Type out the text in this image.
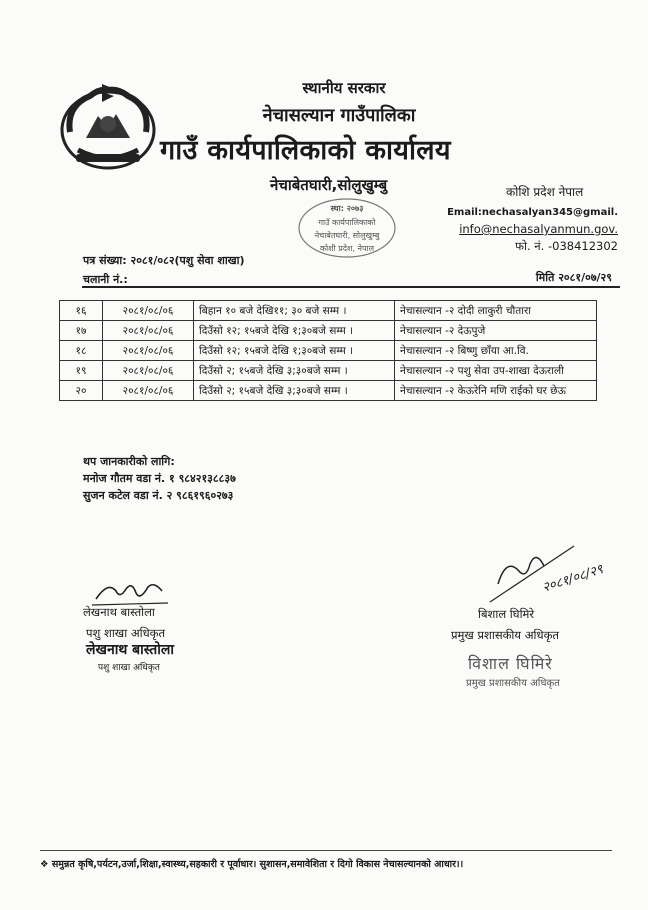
स्थानीय सरकार
नेचासल्यान गाउँपालिका
गाउँ कार्यपालिकाको कार्यालय
नेचाबेतघारी,सोलुखुम्बु
स्था: २०७३
गाउँ कार्यपालिकाको
नेचाबेतघारी, सोलुखुम्बु
कोशी प्रदेश, नेपाल
कोशि प्रदेश नेपाल
Email:nechasalyan345@gmail.
info@nechasalyanmun.gov.
फो. नं. -038412302
पत्र संख्या: २०८१/०८२(पशु सेवा शाखा)
चलानी नं.:	मिति २०८१/०७/२९
१६	२०८१/०८/०६	बिहान १० बजे देखि११; ३० बजे सम्म ।	नेचासल्यान -२ दोदी लाकुरी चौतारा
१७	२०८१/०८/०६	दिउँसो १२; १५बजे देखि १;३०बजे सम्म ।	नेचासल्यान -२ देऊपुजे
१८	२०८१/०८/०६	दिउँसो १२; १५बजे देखि १;३०बजे सम्म ।	नेचासल्यान -२ बिष्णु छाँया आ.वि.
१९	२०८१/०८/०६	दिउँसो २; १५बजे देखि ३;३०बजे सम्म ।	नेचासल्यान -२ पशु सेवा उप-शाखा देऊराली
२०	२०८१/०८/०६	दिउँसो २; १५बजे देखि ३;३०बजे सम्म ।	नेचासल्यान -२ केऊरेनि मणि राईको घर छेऊ
थप जानकारीको लागि:
मनोज गौतम वडा नं. १ ९८४२१३८८३७
सुजन कटेल वडा नं. २ ९८६१९६०२७३
लेखनाथ बास्तोला
पशु शाखा अधिकृत
लेखनाथ बास्तोला
पशु शाखा अधिकृत
२०८१/०८/२९
बिशाल घिमिरे
प्रमुख प्रशासकीय अधिकृत
विशाल घिमिरे
प्रमुख प्रशासकीय अधिकृत
❖ समुन्नत कृषि,पर्यटन,उर्जा,शिक्षा,स्वास्थ्य,सहकारी र पूर्वाधार। सुशासन,समावेशिता र दिगो विकास नेचासल्यानको आधार।।
